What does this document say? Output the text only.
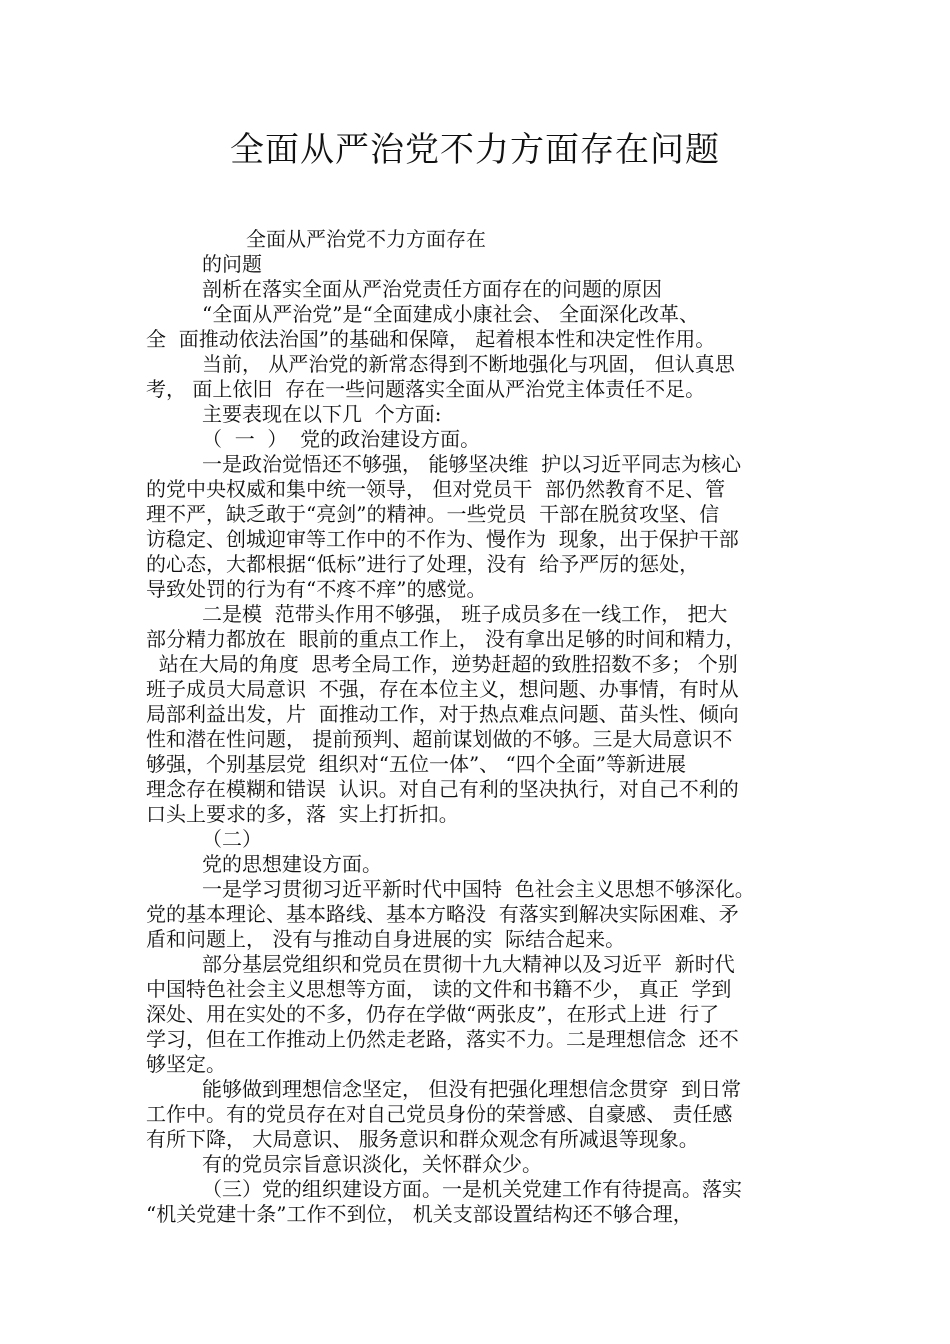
全面从严治党不力方面存在问题
全面从严治党不力方面存在
的问题
剖析在落实全面从严治党责任方面存在的问题的原因
“全面从严治党”是“全面建成小康社会、 全面深化改革、
全  面推动依法治国”的基础和保障， 起着根本性和决定性作用。
当前， 从严治党的新常态得到不断地强化与巩固， 但认真思
考， 面上依旧  存在一些问题落实全面从严治党主体责任不足。
主要表现在以下几  个方面:
（  一  ）  党的政治建设方面。
一是政治觉悟还不够强， 能够坚决维  护以习近平同志为核心
的党中央权威和集中统一领导， 但对党员干  部仍然教育不足、管
理不严，缺乏敢于“亮剑”的精神。一些党员  干部在脱贫攻坚、信
访稳定、创城迎审等工作中的不作为、慢作为  现象，出于保护干部
的心态，大都根据“低标”进行了处理，没有  给予严厉的惩处，
导致处罚的行为有“不疼不痒”的感觉。
二是模  范带头作用不够强， 班子成员多在一线工作， 把大
部分精力都放在  眼前的重点工作上， 没有拿出足够的时间和精力，
站在大局的角度  思考全局工作，逆势赶超的致胜招数不多； 个别
班子成员大局意识  不强，存在本位主义，想问题、办事情，有时从
局部利益出发，片  面推动工作，对于热点难点问题、苗头性、倾向
性和潜在性问题， 提前预判、超前谋划做的不够。三是大局意识不
够强，个别基层党  组织对“五位一体”、 “四个全面”等新进展
理念存在模糊和错误  认识。对自己有利的坚决执行，对自己不利的
口头上要求的多，落  实上打折扣。
（二）
党的思想建设方面。
一是学习贯彻习近平新时代中国特  色社会主义思想不够深化。
党的基本理论、基本路线、基本方略没  有落实到解决实际困难、矛
盾和问题上， 没有与推动自身进展的实  际结合起来。
部分基层党组织和党员在贯彻十九大精神以及习近平  新时代
中国特色社会主义思想等方面， 读的文件和书籍不少， 真正  学到
深处、用在实处的不多，仍存在学做“两张皮”，在形式上进  行了
学习，但在工作推动上仍然走老路，落实不力。二是理想信念  还不
够坚定。
能够做到理想信念坚定， 但没有把强化理想信念贯穿  到日常
工作中。有的党员存在对自己党员身份的荣誉感、自豪感、 责任感
有所下降， 大局意识、 服务意识和群众观念有所减退等现象。
有的党员宗旨意识淡化，关怀群众少。
（三）党的组织建设方面。一是机关党建工作有待提高。落实
“机关党建十条”工作不到位， 机关支部设置结构还不够合理，
